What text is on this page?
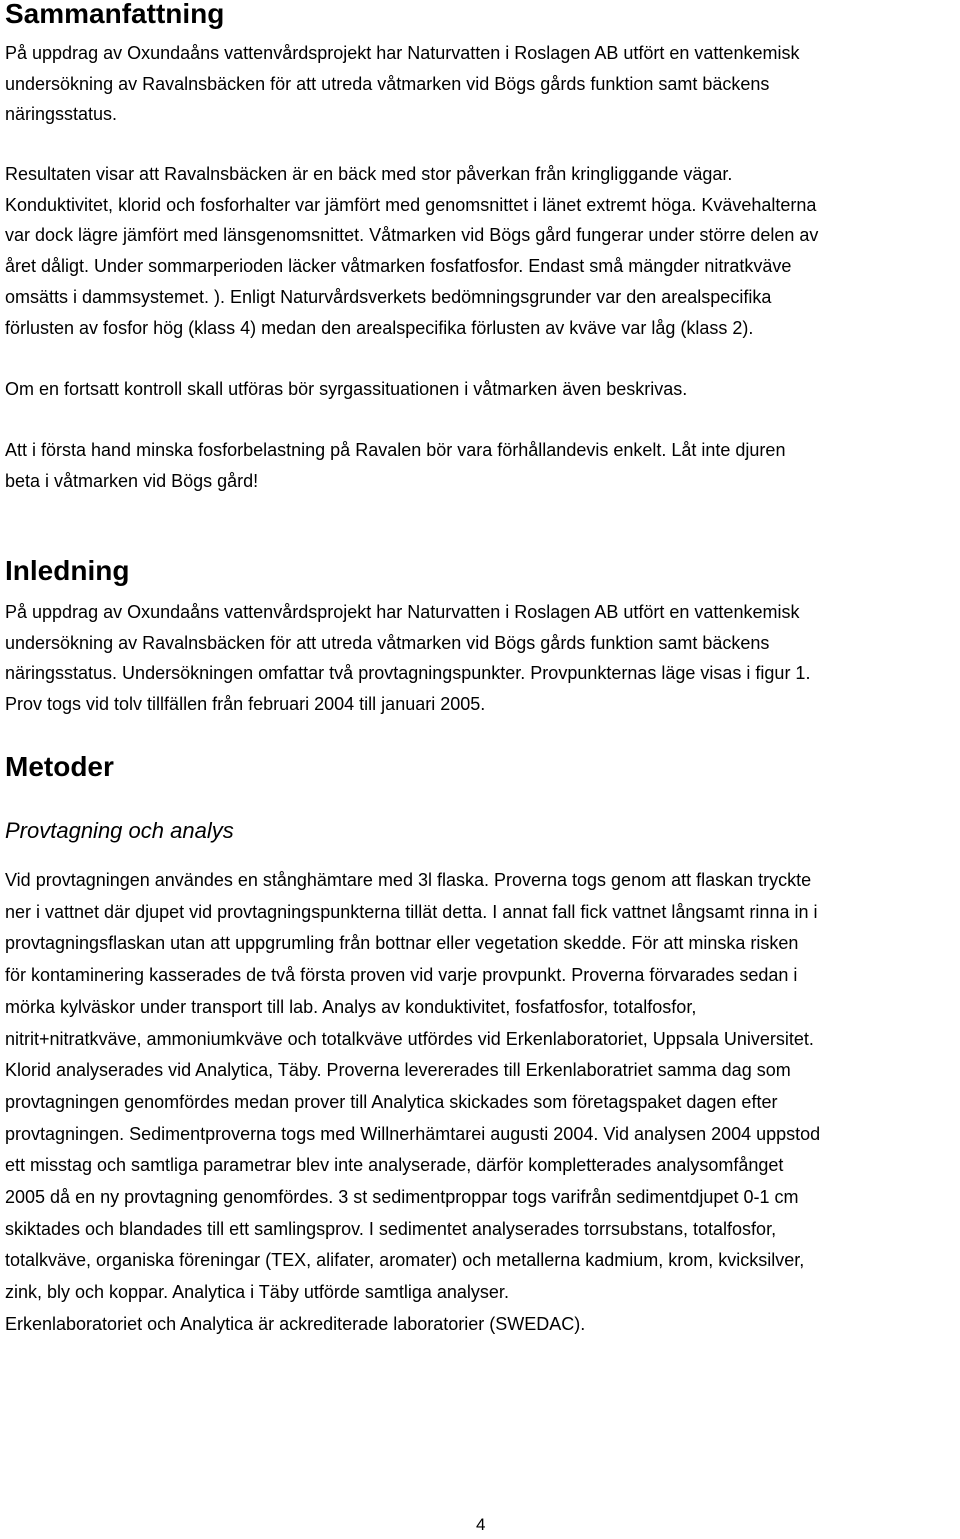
Sammanfattning

På uppdrag av Oxundaåns vattenvårdsprojekt har Naturvatten i Roslagen AB utfört en vattenkemisk
undersökning av Ravalnsbäcken för att utreda våtmarken vid Bögs gårds funktion samt bäckens
näringsstatus.

Resultaten visar att Ravalnsbäcken är en bäck med stor påverkan från kringliggande vägar.
Konduktivitet, klorid och fosforhalter var jämfört med genomsnittet i länet extremt höga. Kvävehalterna
var dock lägre jämfört med länsgenomsnittet. Våtmarken vid Bögs gård fungerar under större delen av
året dåligt. Under sommarperioden läcker våtmarken fosfatfosfor. Endast små mängder nitratkväve
omsätts i dammsystemet. ). Enligt Naturvårdsverkets bedömningsgrunder var den arealspecifika
förlusten av fosfor hög (klass 4) medan den arealspecifika förlusten av kväve var låg (klass 2).

Om en fortsatt kontroll skall utföras bör syrgassituationen i våtmarken även beskrivas.

Att i första hand minska fosforbelastning på Ravalen bör vara förhållandevis enkelt. Låt inte djuren
beta i våtmarken vid Bögs gård!

Inledning

På uppdrag av Oxundaåns vattenvårdsprojekt har Naturvatten i Roslagen AB utfört en vattenkemisk
undersökning av Ravalnsbäcken för att utreda våtmarken vid Bögs gårds funktion samt bäckens
näringsstatus. Undersökningen omfattar två provtagningspunkter. Provpunkternas läge visas i figur 1.
Prov togs vid tolv tillfällen från februari 2004 till januari 2005.

Metoder
Provtagning och analys

Vid provtagningen användes en stånghämtare med 3l flaska. Proverna togs genom att flaskan tryckte
ner i vattnet där djupet vid provtagningspunkterna tillät detta. I annat fall fick vattnet långsamt rinna in i
provtagningsflaskan utan att uppgrumling från bottnar eller vegetation skedde. För att minska risken
för kontaminering kasserades de två första proven vid varje provpunkt. Proverna förvarades sedan i
mörka kylväskor under transport till lab. Analys av konduktivitet, fosfatfosfor, totalfosfor,
nitrit+nitratkväve, ammoniumkväve och totalkväve utfördes vid Erkenlaboratoriet, Uppsala Universitet.
Klorid analyserades vid Analytica, Täby. Proverna levererades till Erkenlaboratriet samma dag som
provtagningen genomfördes medan prover till Analytica skickades som företagspaket dagen efter
provtagningen. Sedimentproverna togs med Willnerhämtarei augusti 2004. Vid analysen 2004 uppstod
ett misstag och samtliga parametrar blev inte analyserade, därför kompletterades analysomfånget
2005 då en ny provtagning genomfördes. 3 st sedimentproppar togs varifrån sedimentdjupet 0-1 cm
skiktades och blandades till ett samlingsprov. I sedimentet analyserades torrsubstans, totalfosfor,
totalkväve, organiska föreningar (TEX, alifater, aromater) och metallerna kadmium, krom, kvicksilver,
zink, bly och koppar. Analytica i Täby utförde samtliga analyser.
Erkenlaboratoriet och Analytica är ackrediterade laboratorier (SWEDAC).

4
